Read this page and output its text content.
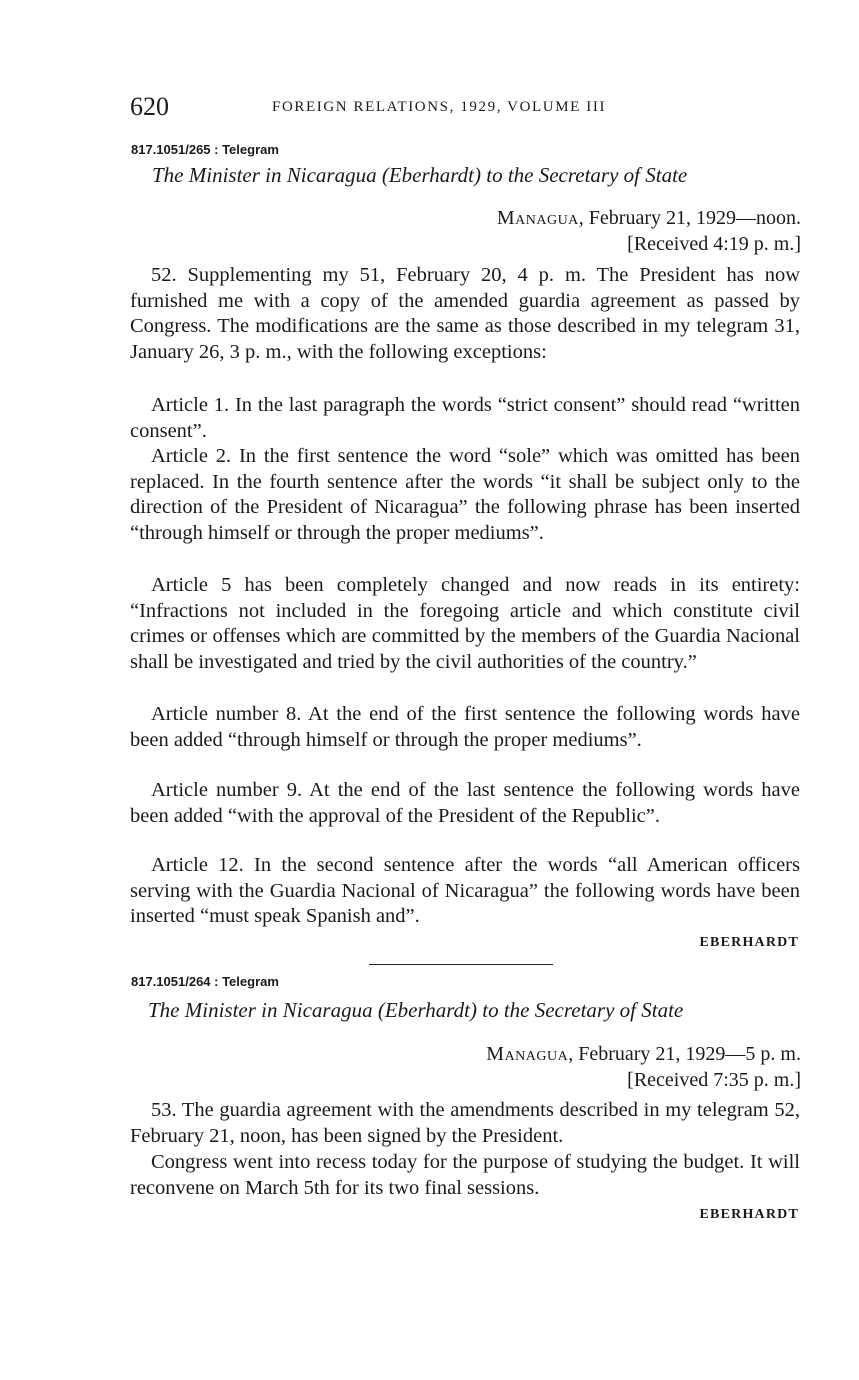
620	FOREIGN RELATIONS, 1929, VOLUME III
817.1051/265 : Telegram
The Minister in Nicaragua (Eberhardt) to the Secretary of State
Managua, February 21, 1929—noon.
[Received 4:19 p. m.]
52. Supplementing my 51, February 20, 4 p. m. The President has now furnished me with a copy of the amended guardia agreement as passed by Congress. The modifications are the same as those described in my telegram 31, January 26, 3 p. m., with the following exceptions:
Article 1. In the last paragraph the words “strict consent” should read “written consent”.
Article 2. In the first sentence the word “sole” which was omitted has been replaced. In the fourth sentence after the words “it shall be subject only to the direction of the President of Nicaragua” the following phrase has been inserted “through himself or through the proper mediums”.
Article 5 has been completely changed and now reads in its entirety: “Infractions not included in the foregoing article and which constitute civil crimes or offenses which are committed by the members of the Guardia Nacional shall be investigated and tried by the civil authorities of the country.”
Article number 8. At the end of the first sentence the following words have been added “through himself or through the proper mediums”.
Article number 9. At the end of the last sentence the following words have been added “with the approval of the President of the Republic”.
Article 12. In the second sentence after the words “all American officers serving with the Guardia Nacional of Nicaragua” the following words have been inserted “must speak Spanish and”.
EBERHARDT
817.1051/264 : Telegram
The Minister in Nicaragua (Eberhardt) to the Secretary of State
Managua, February 21, 1929—5 p. m.
[Received 7:35 p. m.]
53. The guardia agreement with the amendments described in my telegram 52, February 21, noon, has been signed by the President.
Congress went into recess today for the purpose of studying the budget. It will reconvene on March 5th for its two final sessions.
EBERHARDT
